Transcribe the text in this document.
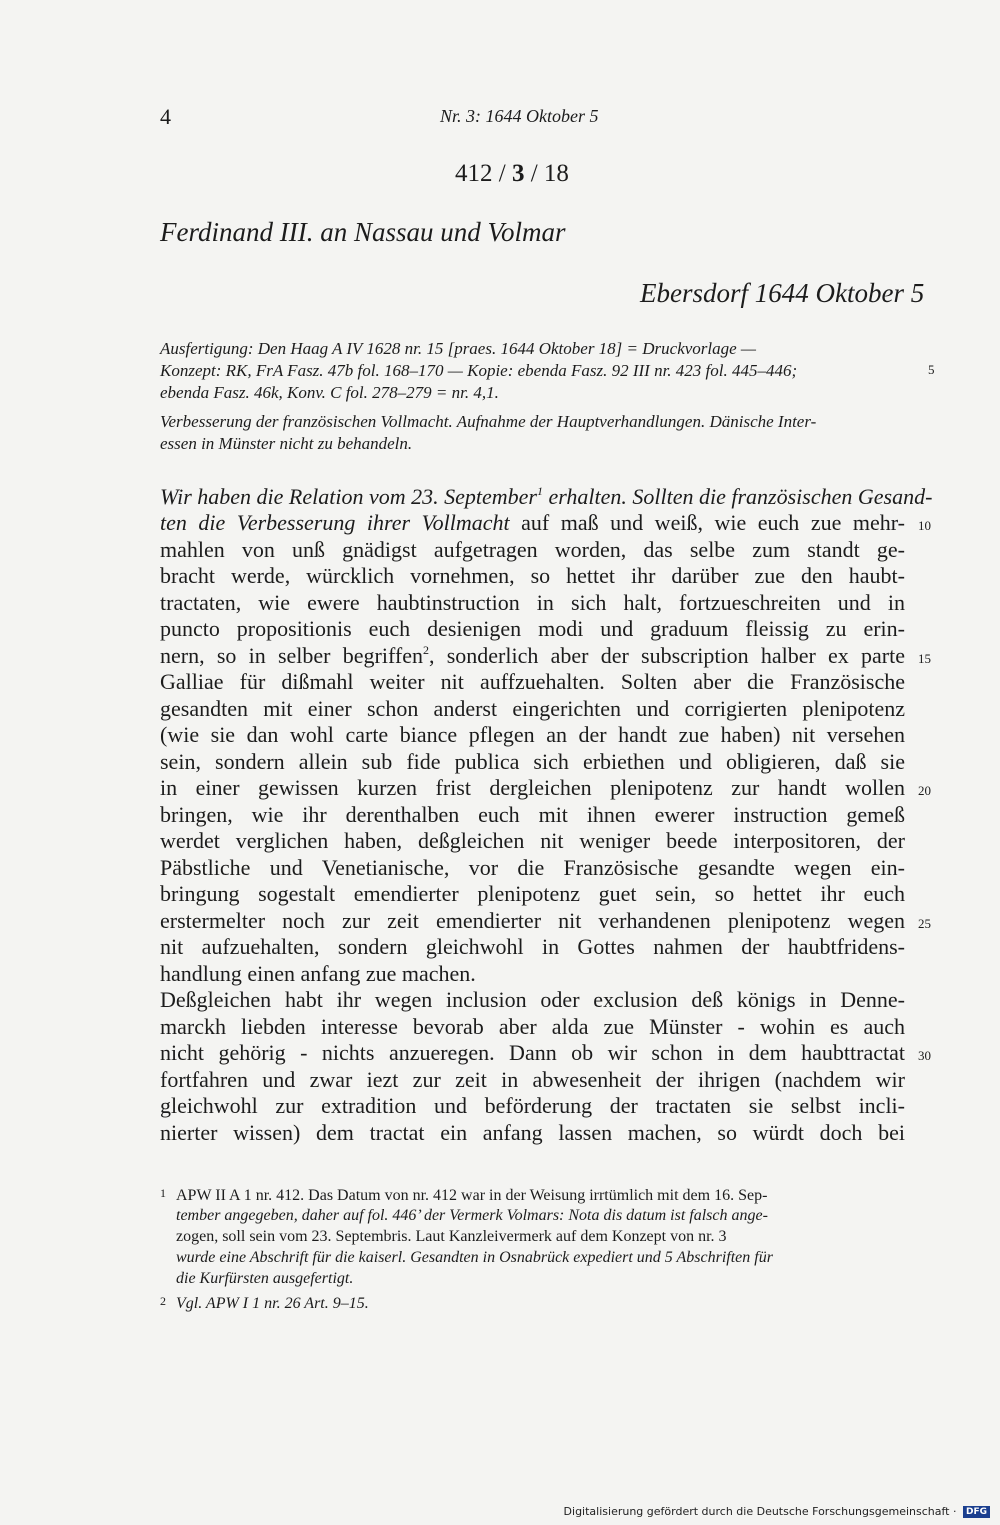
4	Nr. 3: 1644 Oktober 5
412 / 3 / 18
Ferdinand III. an Nassau und Volmar
Ebersdorf 1644 Oktober 5
Ausfertigung: Den Haag A IV 1628 nr. 15 [praes. 1644 Oktober 18] = Druckvorlage —
Konzept: RK, FrA Fasz. 47b fol. 168–170 — Kopie: ebenda Fasz. 92 III nr. 423 fol. 445–446;
ebenda Fasz. 46k, Konv. C fol. 278–279 = nr. 4,1.
Verbesserung der französischen Vollmacht. Aufnahme der Hauptverhandlungen. Dänische Inter-
essen in Münster nicht zu behandeln.
Wir haben die Relation vom 23. September$^1$ erhalten. Sollten die französischen Gesand-
ten die Verbesserung ihrer Vollmacht auf maß und weiß, wie euch zue mehr-
mahlen von unß gnädigst aufgetragen worden, das selbe zum standt ge-
bracht werde, würcklich vornehmen, so hettet ihr darüber zue den haubt-
tractaten, wie ewere haubtinstruction in sich halt, fortzueschreiten und in
puncto propositionis euch desienigen modi und graduum fleissig zu erin-
nern, so in selber begriffen$^2$, sonderlich aber der subscription halber ex parte
Galliae für dißmahl weiter nit auffzuehalten. Solten aber die Französische
gesandten mit einer schon anderst eingerichten und corrigierten plenipotenz
(wie sie dan wohl carte biance pflegen an der handt zue haben) nit versehen
sein, sondern allein sub fide publica sich erbiethen und obligieren, daß sie
in einer gewissen kurzen frist dergleichen plenipotenz zur handt wollen
bringen, wie ihr derenthalben euch mit ihnen ewerer instruction gemeß
werdet verglichen haben, deßgleichen nit weniger beede interpositoren, der
Päbstliche und Venetianische, vor die Französische gesandte wegen ein-
bringung sogestalt emendierter plenipotenz guet sein, so hettet ihr euch
erstermelter noch zur zeit emendierter nit verhandenen plenipotenz wegen
nit aufzuehalten, sondern gleichwohl in Gottes nahmen der haubtfridens-
handlung einen anfang zue machen.
Deßgleichen habt ihr wegen inclusion oder exclusion deß königs in Denne-
marckh liebden interesse bevorab aber alda zue Münster - wohin es auch
nicht gehörig - nichts anzueregen. Dann ob wir schon in dem haubttractat
fortfahren und zwar iezt zur zeit in abwesenheit der ihrigen (nachdem wir
gleichwohl zur extradition und beförderung der tractaten sie selbst incli-
nierter wissen) dem tractat ein anfang lassen machen, so würdt doch bei
5
10
15
20
25
30
1 APW II A 1 nr. 412. Das Datum von nr. 412 war in der Weisung irrtümlich mit dem 16. Sep-
tember angegeben, daher auf fol. 446’ der Vermerk Volmars: Nota dis datum ist falsch ange-
zogen, soll sein vom 23. Septembris. Laut Kanzleivermerk auf dem Konzept von nr. 3
wurde eine Abschrift für die kaiserl. Gesandten in Osnabrück expediert und 5 Abschriften für
die Kurfürsten ausgefertigt.
2 Vgl. APW I 1 nr. 26 Art. 9–15.
Digitalisierung gefördert durch die Deutsche Forschungsgemeinschaft · DFG
